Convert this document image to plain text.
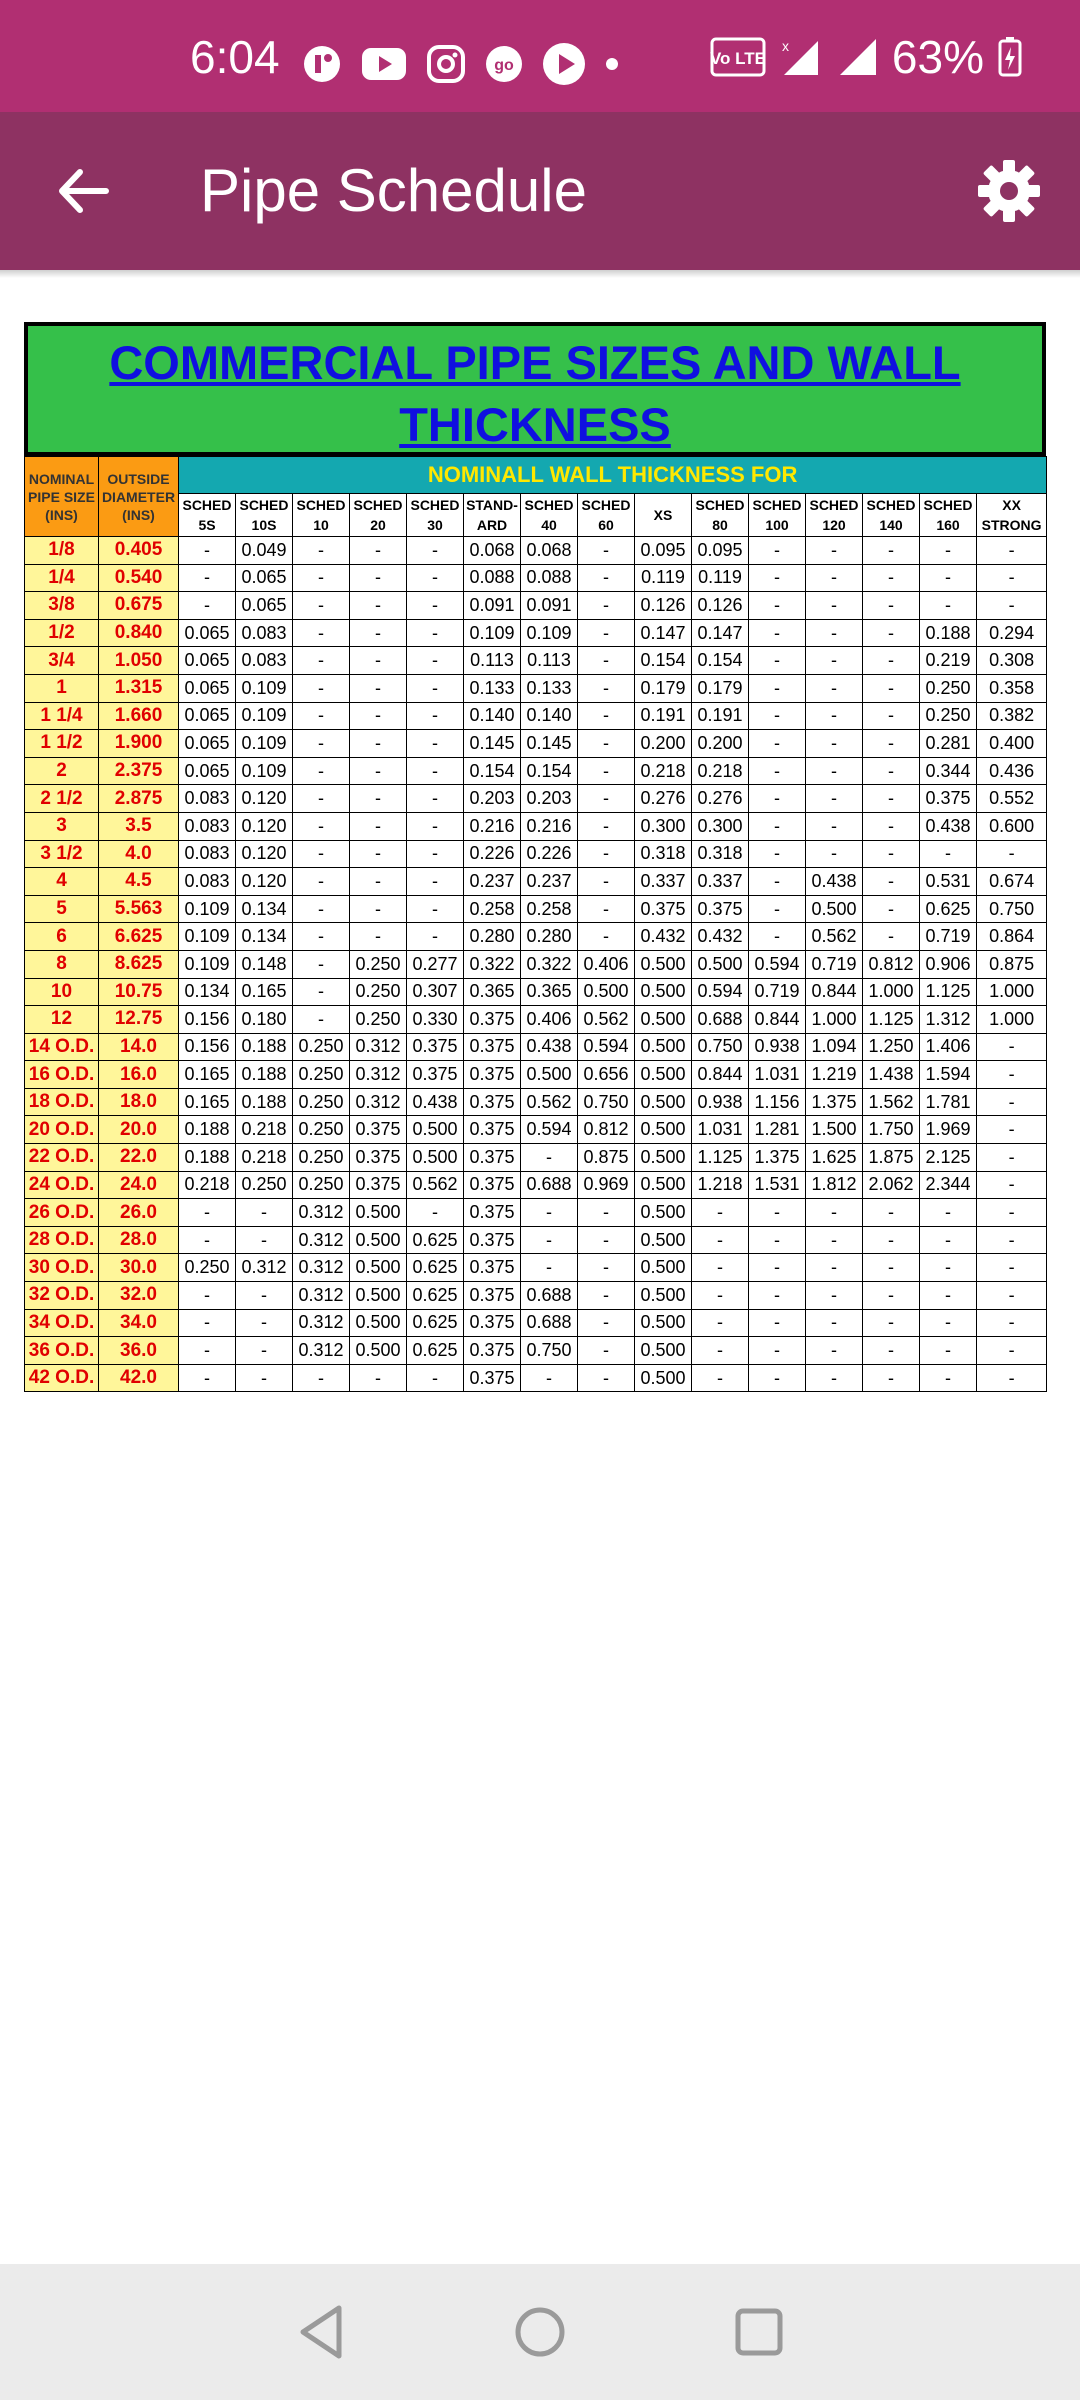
6:04	go	Vo LTE
x 63%
Pipe Schedule
COMMERCIAL PIPE SIZES AND WALL
THICKNESS
NOMINAL PIPE SIZE (INS)	OUTSIDE DIAMETER (INS)	NOMINALL WALL THICKNESS FOR														
		SCHED 5S	SCHED 10S	SCHED 10	SCHED 20	SCHED 30	STAND- ARD	SCHED 40	SCHED 60	XS	SCHED 80	SCHED 100	SCHED 120	SCHED 140	SCHED 160	XX STRONG
1/8	0.405	-	0.049	-	-	-	0.068	0.068	-	0.095	0.095	-	-	-	-	-
1/4	0.540	-	0.065	-	-	-	0.088	0.088	-	0.119	0.119	-	-	-	-	-
3/8	0.675	-	0.065	-	-	-	0.091	0.091	-	0.126	0.126	-	-	-	-	-
1/2	0.840	0.065	0.083	-	-	-	0.109	0.109	-	0.147	0.147	-	-	-	0.188	0.294
3/4	1.050	0.065	0.083	-	-	-	0.113	0.113	-	0.154	0.154	-	-	-	0.219	0.308
1	1.315	0.065	0.109	-	-	-	0.133	0.133	-	0.179	0.179	-	-	-	0.250	0.358
1 1/4	1.660	0.065	0.109	-	-	-	0.140	0.140	-	0.191	0.191	-	-	-	0.250	0.382
1 1/2	1.900	0.065	0.109	-	-	-	0.145	0.145	-	0.200	0.200	-	-	-	0.281	0.400
2	2.375	0.065	0.109	-	-	-	0.154	0.154	-	0.218	0.218	-	-	-	0.344	0.436
2 1/2	2.875	0.083	0.120	-	-	-	0.203	0.203	-	0.276	0.276	-	-	-	0.375	0.552
3	3.5	0.083	0.120	-	-	-	0.216	0.216	-	0.300	0.300	-	-	-	0.438	0.600
3 1/2	4.0	0.083	0.120	-	-	-	0.226	0.226	-	0.318	0.318	-	-	-	-	-
4	4.5	0.083	0.120	-	-	-	0.237	0.237	-	0.337	0.337	-	0.438	-	0.531	0.674
5	5.563	0.109	0.134	-	-	-	0.258	0.258	-	0.375	0.375	-	0.500	-	0.625	0.750
6	6.625	0.109	0.134	-	-	-	0.280	0.280	-	0.432	0.432	-	0.562	-	0.719	0.864
8	8.625	0.109	0.148	-	0.250	0.277	0.322	0.322	0.406	0.500	0.500	0.594	0.719	0.812	0.906	0.875
10	10.75	0.134	0.165	-	0.250	0.307	0.365	0.365	0.500	0.500	0.594	0.719	0.844	1.000	1.125	1.000
12	12.75	0.156	0.180	-	0.250	0.330	0.375	0.406	0.562	0.500	0.688	0.844	1.000	1.125	1.312	1.000
14 O.D.	14.0	0.156	0.188	0.250	0.312	0.375	0.375	0.438	0.594	0.500	0.750	0.938	1.094	1.250	1.406	-
16 O.D.	16.0	0.165	0.188	0.250	0.312	0.375	0.375	0.500	0.656	0.500	0.844	1.031	1.219	1.438	1.594	-
18 O.D.	18.0	0.165	0.188	0.250	0.312	0.438	0.375	0.562	0.750	0.500	0.938	1.156	1.375	1.562	1.781	-
20 O.D.	20.0	0.188	0.218	0.250	0.375	0.500	0.375	0.594	0.812	0.500	1.031	1.281	1.500	1.750	1.969	-
22 O.D.	22.0	0.188	0.218	0.250	0.375	0.500	0.375	-	0.875	0.500	1.125	1.375	1.625	1.875	2.125	-
24 O.D.	24.0	0.218	0.250	0.250	0.375	0.562	0.375	0.688	0.969	0.500	1.218	1.531	1.812	2.062	2.344	-
26 O.D.	26.0	-	-	0.312	0.500	-	0.375	-	-	0.500	-	-	-	-	-	-
28 O.D.	28.0	-	-	0.312	0.500	0.625	0.375	-	-	0.500	-	-	-	-	-	-
30 O.D.	30.0	0.250	0.312	0.312	0.500	0.625	0.375	-	-	0.500	-	-	-	-	-	-
32 O.D.	32.0	-	-	0.312	0.500	0.625	0.375	0.688	-	0.500	-	-	-	-	-	-
34 O.D.	34.0	-	-	0.312	0.500	0.625	0.375	0.688	-	0.500	-	-	-	-	-	-
36 O.D.	36.0	-	-	0.312	0.500	0.625	0.375	0.750	-	0.500	-	-	-	-	-	-
42 O.D.	42.0	-	-	-	-	-	0.375	-	-	0.500	-	-	-	-	-	-
